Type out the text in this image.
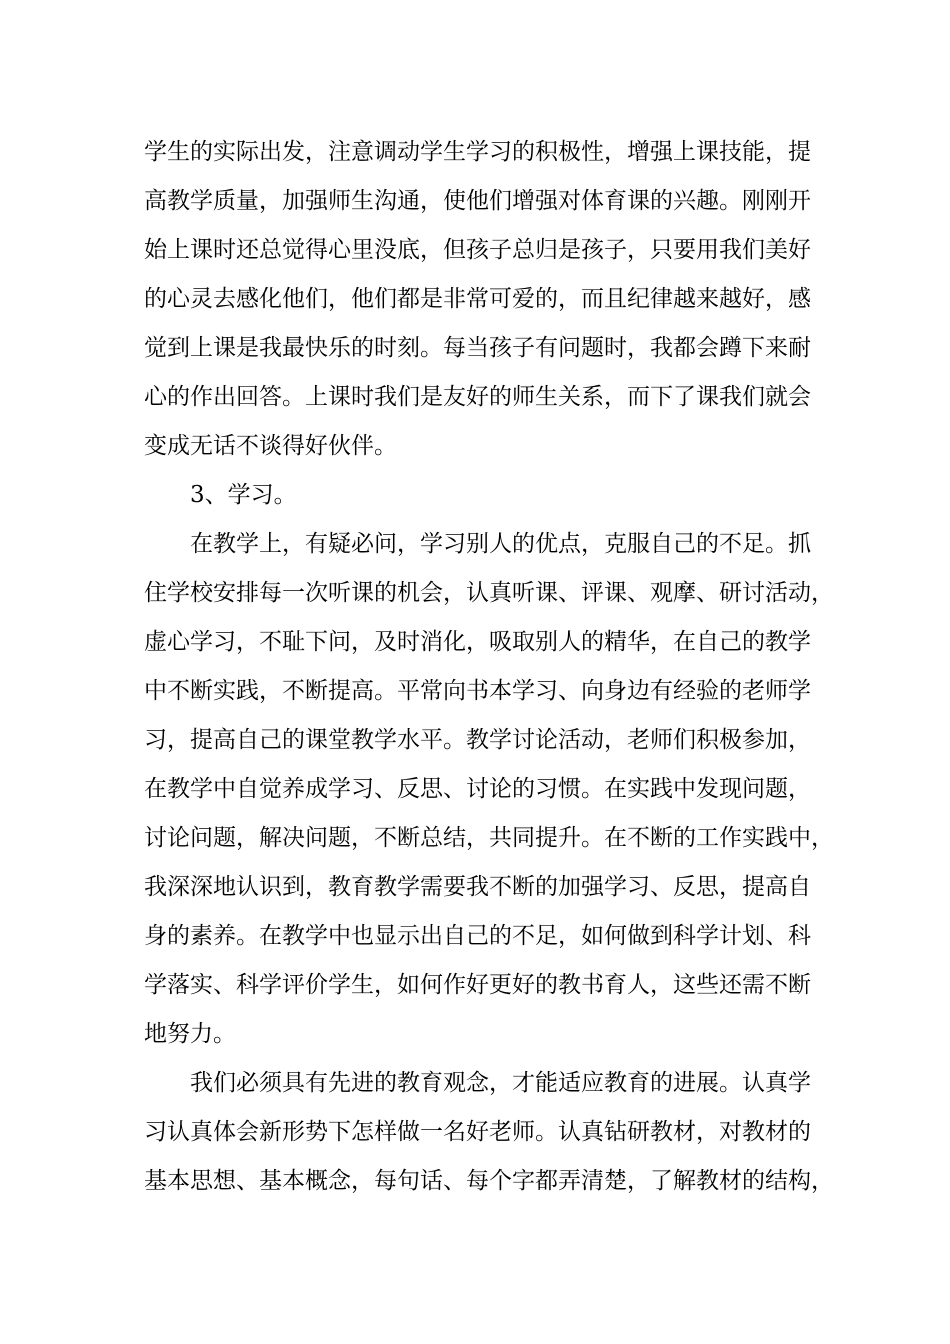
学生的实际出发，注意调动学生学习的积极性，增强上课技能，提
高教学质量，加强师生沟通，使他们增强对体育课的兴趣。刚刚开
始上课时还总觉得心里没底，但孩子总归是孩子，只要用我们美好
的心灵去感化他们，他们都是非常可爱的，而且纪律越来越好，感
觉到上课是我最快乐的时刻。每当孩子有问题时，我都会蹲下来耐
心的作出回答。上课时我们是友好的师生关系，而下了课我们就会
变成无话不谈得好伙伴。
3、学习。
在教学上，有疑必问，学习别人的优点，克服自己的不足。抓
住学校安排每一次听课的机会，认真听课、评课、观摩、研讨活动，
虚心学习，不耻下问，及时消化，吸取别人的精华，在自己的教学
中不断实践，不断提高。平常向书本学习、向身边有经验的老师学
习，提高自己的课堂教学水平。教学讨论活动，老师们积极参加，
在教学中自觉养成学习、反思、讨论的习惯。在实践中发现问题，
讨论问题，解决问题，不断总结，共同提升。在不断的工作实践中，
我深深地认识到，教育教学需要我不断的加强学习、反思，提高自
身的素养。在教学中也显示出自己的不足，如何做到科学计划、科
学落实、科学评价学生，如何作好更好的教书育人，这些还需不断
地努力。
我们必须具有先进的教育观念，才能适应教育的进展。认真学
习认真体会新形势下怎样做一名好老师。认真钻研教材，对教材的
基本思想、基本概念，每句话、每个字都弄清楚，了解教材的结构，
